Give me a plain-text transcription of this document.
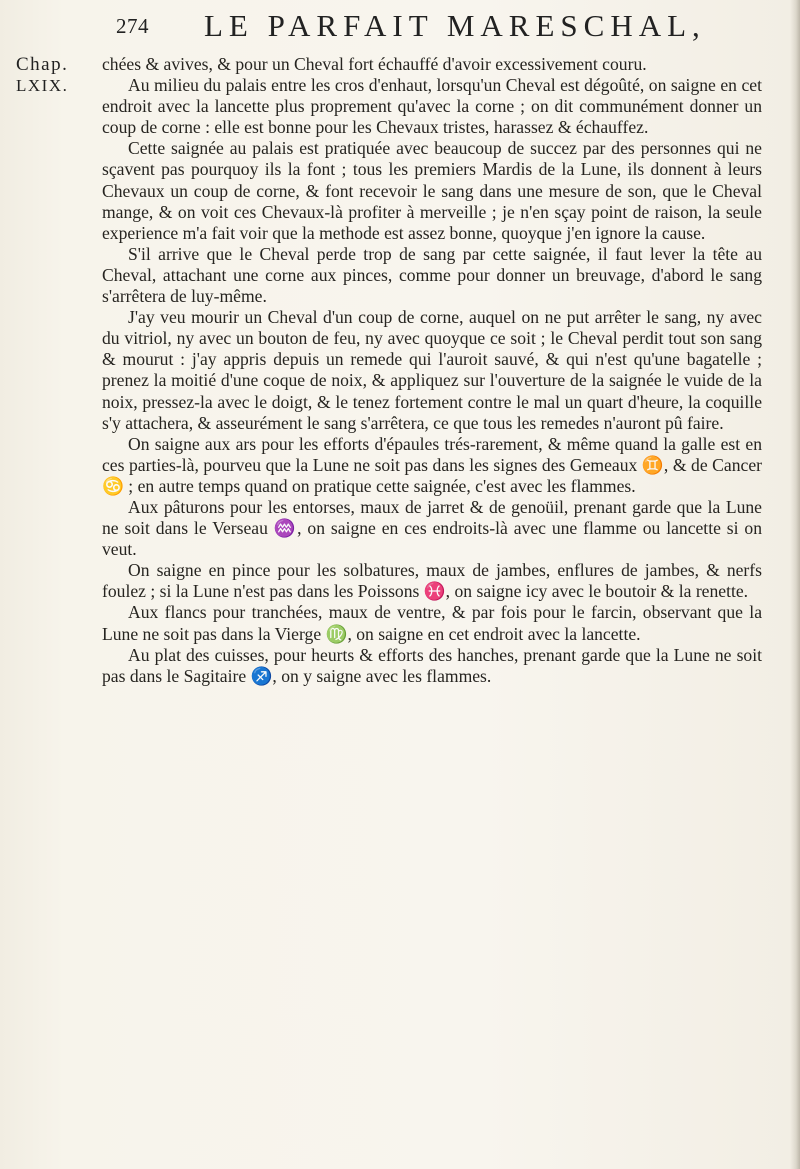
274 LE PARFAIT MARESCHAL,
Chap.
LXIX.

chées & avives, & pour un Cheval fort échauffé d'avoir excessivement couru.

Au milieu du palais entre les cros d'enhaut, lorsqu'un Cheval est dégoûté, on saigne en cet endroit avec la lancette plus proprement qu'avec la corne ; on dit communément donner un coup de corne : elle est bonne pour les Chevaux tristes, harassez & échauffez.

Cette saignée au palais est pratiquée avec beaucoup de succez par des personnes qui ne sçavent pas pourquoy ils la font ; tous les premiers Mardis de la Lune, ils donnent à leurs Chevaux un coup de corne, & font recevoir le sang dans une mesure de son, que le Cheval mange, & on voit ces Chevaux-là profiter à merveille ; je n'en sçay point de raison, la seule experience m'a fait voir que la methode est assez bonne, quoyque j'en ignore la cause.

S'il arrive que le Cheval perde trop de sang par cette saignée, il faut lever la tête au Cheval, attachant une corne aux pinces, comme pour donner un breuvage, d'abord le sang s'arrêtera de luy-même.

J'ay veu mourir un Cheval d'un coup de corne, auquel on ne put arrêter le sang, ny avec du vitriol, ny avec un bouton de feu, ny avec quoyque ce soit ; le Cheval perdit tout son sang & mourut : j'ay appris depuis un remede qui l'auroit sauvé, & qui n'est qu'une bagatelle ; prenez la moitié d'une coque de noix, & appliquez sur l'ouverture de la saignée le vuide de la noix, pressez-la avec le doigt, & le tenez fortement contre le mal un quart d'heure, la coquille s'y attachera, & asseurément le sang s'arrêtera, ce que tous les remedes n'auront pû faire.

On saigne aux ars pour les efforts d'épaules trés-rarement, & même quand la galle est en ces parties-là, pourveu que la Lune ne soit pas dans les signes des Gemeaux ♊, & de Cancer ♋ ; en autre temps quand on pratique cette saignée, c'est avec les flammes.

Aux pâturons pour les entorses, maux de jarret & de genoüil, prenant garde que la Lune ne soit dans le Verseau ♒, on saigne en ces endroits-là avec une flamme ou lancette si on veut.

On saigne en pince pour les solbatures, maux de jambes, enflures de jambes, & nerfs foulez ; si la Lune n'est pas dans les Poissons ♓, on saigne icy avec le boutoir & la renette.

Aux flancs pour tranchées, maux de ventre, & par fois pour le farcin, observant que la Lune ne soit pas dans la Vierge ♍, on saigne en cet endroit avec la lancette.

Au plat des cuisses, pour heurts & efforts des hanches, prenant garde que la Lune ne soit pas dans le Sagitaire ♐, on y saigne avec les flammes.
